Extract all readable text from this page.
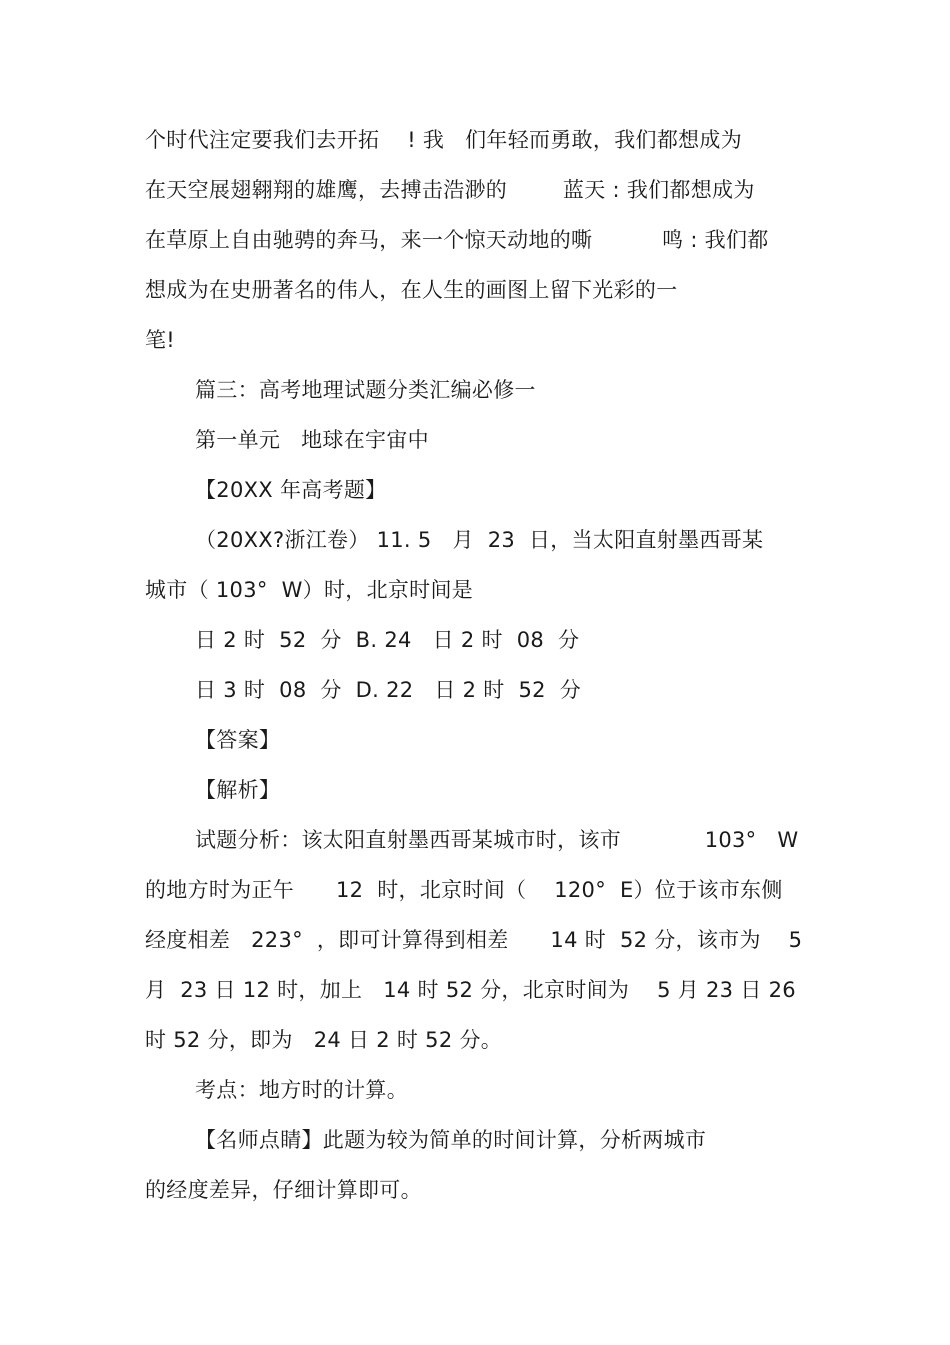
个时代注定要我们去开拓    ! 我   们年轻而勇敢，我们都想成为
在天空展翅翱翔的雄鹰，去搏击浩渺的        蓝天 : 我们都想成为
在草原上自由驰骋的奔马，来一个惊天动地的嘶          鸣 : 我们都
想成为在史册著名的伟人，在人生的画图上留下光彩的一
笔!
篇三：高考地理试题分类汇编必修一
第一单元   地球在宇宙中
【20XX 年高考题】
（20XX?浙江卷） 11. 5   月  23  日，当太阳直射墨西哥某
城市（ 103°  W）时，北京时间是
日 2 时  52  分  B. 24   日 2 时  08  分
日 3 时  08  分  D. 22   日 2 时  52  分
【答案】
【解析】
试题分析：该太阳直射墨西哥某城市时，该市            103°   W
的地方时为正午      12  时，北京时间（    120°  E）位于该市东侧
经度相差   223°  ，即可计算得到相差      14 时  52 分，该市为    5
月  23 日 12 时，加上   14 时 52 分，北京时间为    5 月 23 日 26
时 52 分，即为   24 日 2 时 52 分。
考点：地方时的计算。
【名师点睛】此题为较为简单的时间计算，分析两城市
的经度差异，仔细计算即可。
